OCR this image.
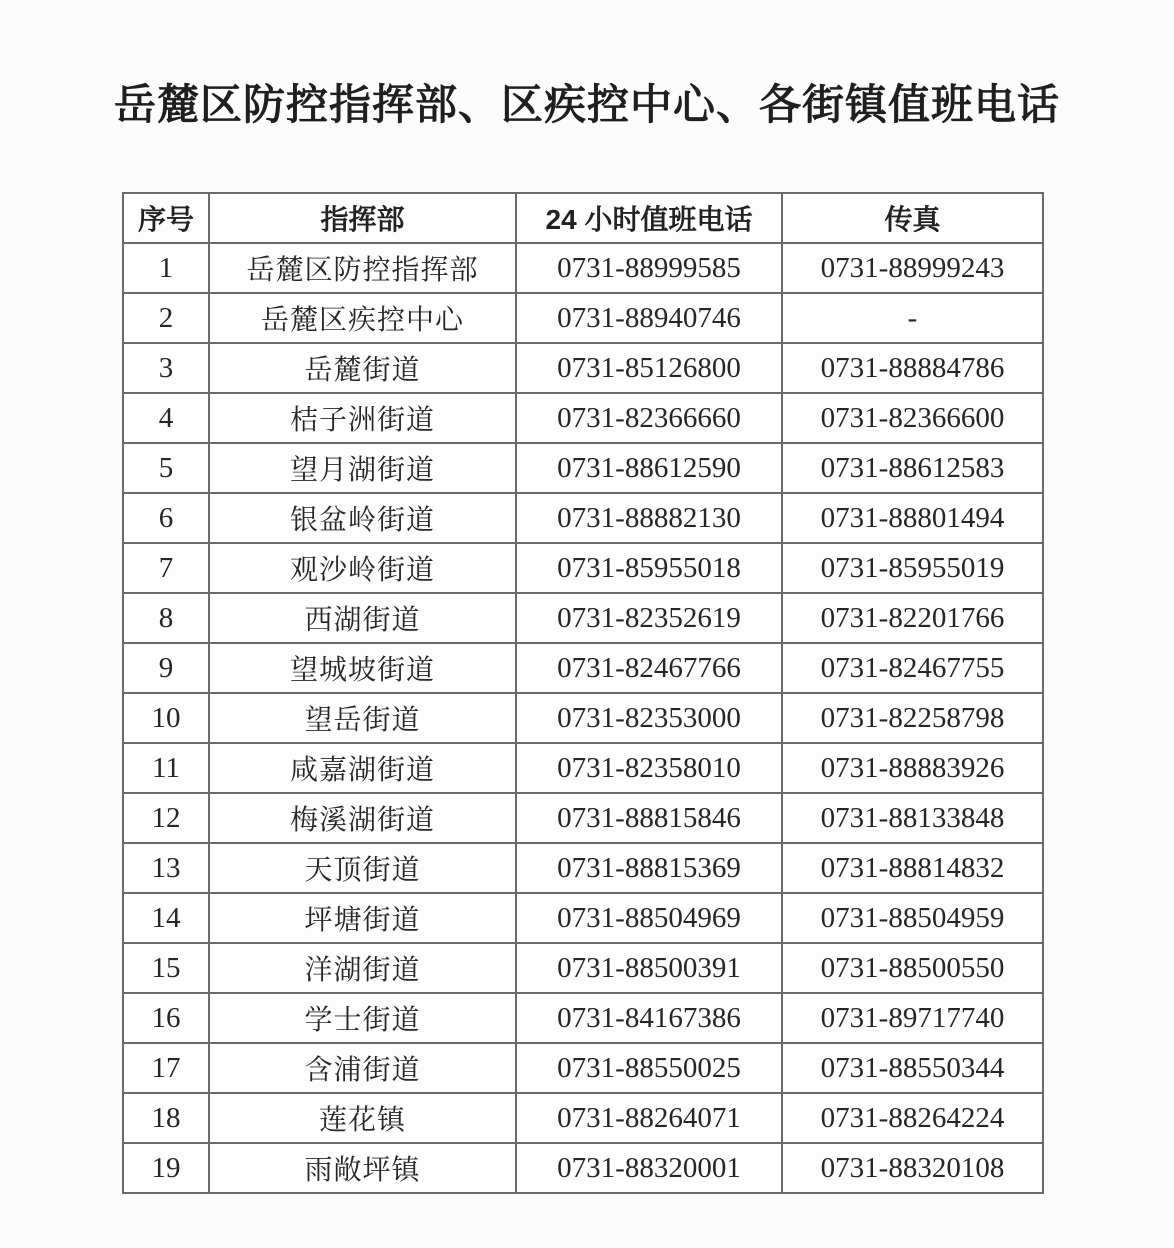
岳麓区防控指挥部、区疾控中心、各街镇值班电话
序号	指挥部	24 小时值班电话	传真
1	岳麓区防控指挥部	0731-88999585	0731-88999243
2	岳麓区疾控中心	0731-88940746	-
3	岳麓街道	0731-85126800	0731-88884786
4	桔子洲街道	0731-82366660	0731-82366600
5	望月湖街道	0731-88612590	0731-88612583
6	银盆岭街道	0731-88882130	0731-88801494
7	观沙岭街道	0731-85955018	0731-85955019
8	西湖街道	0731-82352619	0731-82201766
9	望城坡街道	0731-82467766	0731-82467755
10	望岳街道	0731-82353000	0731-82258798
11	咸嘉湖街道	0731-82358010	0731-88883926
12	梅溪湖街道	0731-88815846	0731-88133848
13	天顶街道	0731-88815369	0731-88814832
14	坪塘街道	0731-88504969	0731-88504959
15	洋湖街道	0731-88500391	0731-88500550
16	学士街道	0731-84167386	0731-89717740
17	含浦街道	0731-88550025	0731-88550344
18	莲花镇	0731-88264071	0731-88264224
19	雨敞坪镇	0731-88320001	0731-88320108
